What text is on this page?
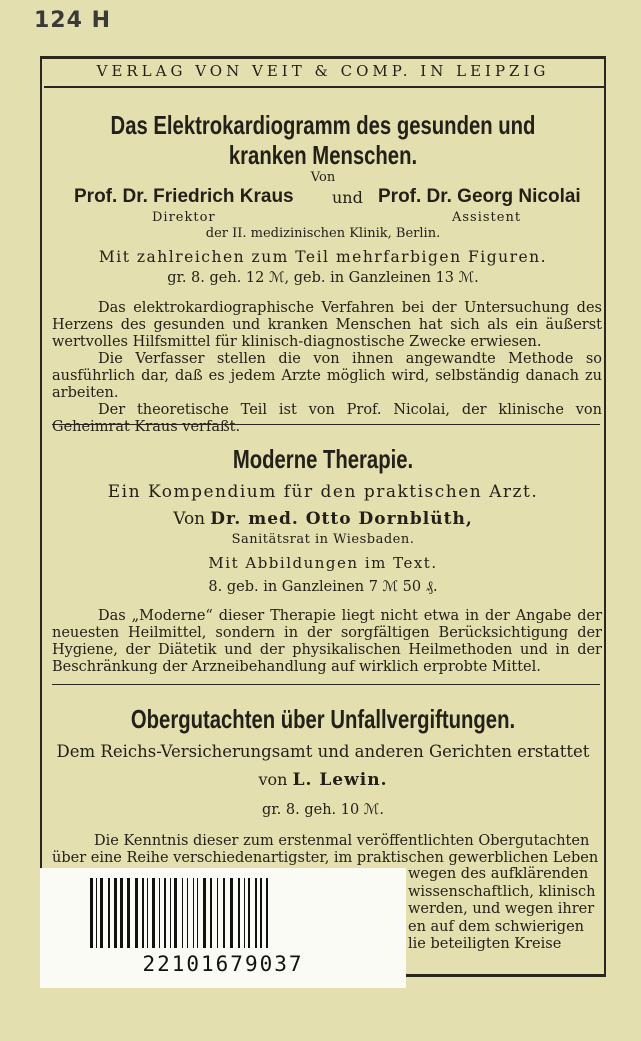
124 H
VERLAG VON VEIT & COMP. IN LEIPZIG
Das Elektrokardiogramm des gesunden und
kranken Menschen.
Von
Prof. Dr. Friedrich Kraus und Prof. Dr. Georg Nicolai
Direktor	Assistent
der II. medizinischen Klinik, Berlin.
Mit zahlreichen zum Teil mehrfarbigen Figuren.
gr. 8. geh. 12 ℳ, geb. in Ganzleinen 13 ℳ.

Das elektrokardiographische Verfahren bei der Untersuchung des Herzens des gesunden und kranken Menschen hat sich als ein äußerst wertvolles Hilfsmittel für klinisch-diagnostische Zwecke erwiesen.

Die Verfasser stellen die von ihnen angewandte Methode so ausführlich dar, daß es jedem Arzte möglich wird, selbständig danach zu arbeiten.

Der theoretische Teil ist von Prof. Nicolai, der klinische von Geheimrat Kraus verfaßt.

Moderne Therapie.
Ein Kompendium für den praktischen Arzt.
Von Dr. med. Otto Dornblüth,
Sanitätsrat in Wiesbaden.
Mit Abbildungen im Text.
8. geb. in Ganzleinen 7 ℳ 50 ₰.

Das „Moderne“ dieser Therapie liegt nicht etwa in der Angabe der neuesten Heilmittel, sondern in der sorgfältigen Berücksichtigung der Hygiene, der Diätetik und der physikalischen Heilmethoden und in der Beschränkung der Arzneibehandlung auf wirklich erprobte Mittel.

Obergutachten über Unfallvergiftungen.
Dem Reichs-Versicherungsamt und anderen Gerichten erstattet
von L. Lewin.
gr. 8. geh. 10 ℳ.
Die Kenntnis dieser zum erstenmal veröffentlichten Obergutachten
über eine Reihe verschiedenartigster, im praktischen gewerblichen Leben
wegen des aufklärenden
wissenschaftlich, klinisch
werden, und wegen ihrer
en auf dem schwierigen
lie beteiligten Kreise
22101679037
